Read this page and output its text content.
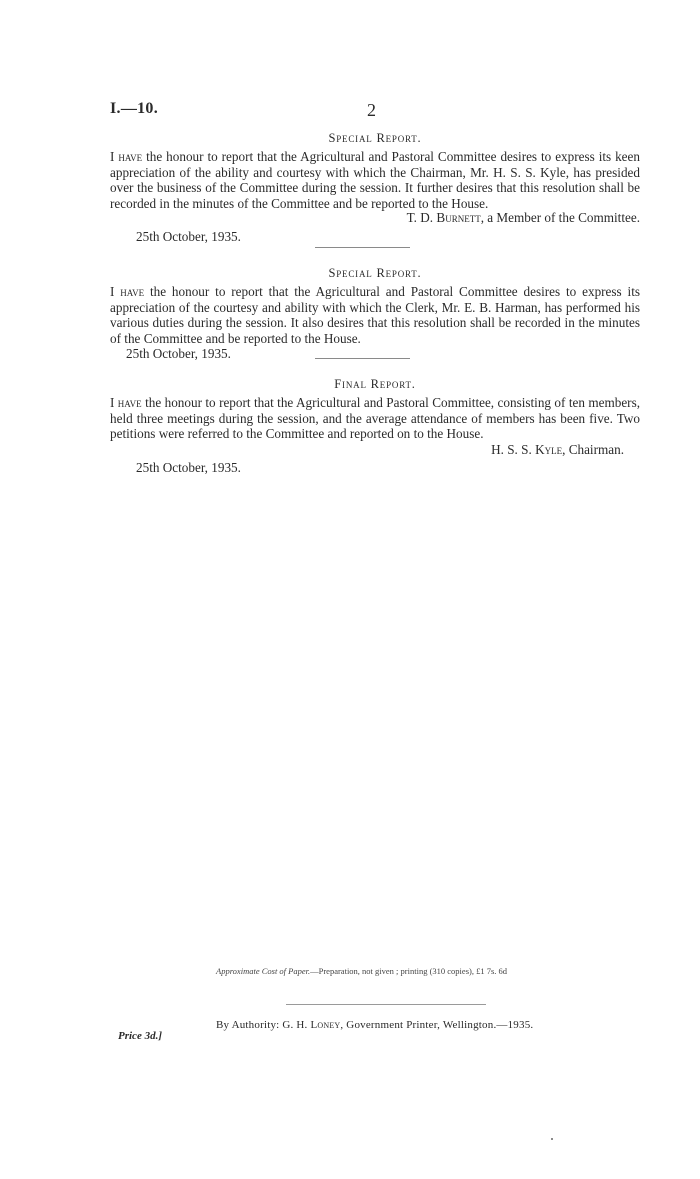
I.—10.	2
Special Report.

I have the honour to report that the Agricultural and Pastoral Committee desires to express its keen appreciation of the ability and courtesy with which the Chairman, Mr. H. S. S. Kyle, has presided over the business of the Committee during the session. It further desires that this resolution shall be recorded in the minutes of the Committee and be reported to the House.

T. D. Burnett, a Member of the Committee.
25th October, 1935.
Special Report.

I have the honour to report that the Agricultural and Pastoral Committee desires to express its appreciation of the courtesy and ability with which the Clerk, Mr. E. B. Harman, has performed his various duties during the session. It also desires that this resolution shall be recorded in the minutes of the Committee and be reported to the House.

25th October, 1935.
Final Report.

I have the honour to report that the Agricultural and Pastoral Committee, consisting of ten members, held three meetings during the session, and the average attendance of members has been five. Two petitions were referred to the Committee and reported on to the House.

H. S. S. Kyle, Chairman.
25th October, 1935.
Approximate Cost of Paper.—Preparation, not given ; printing (310 copies), £1 7s. 6d
By Authority: G. H. Loney, Government Printer, Wellington.—1935.
Price 3d.]
